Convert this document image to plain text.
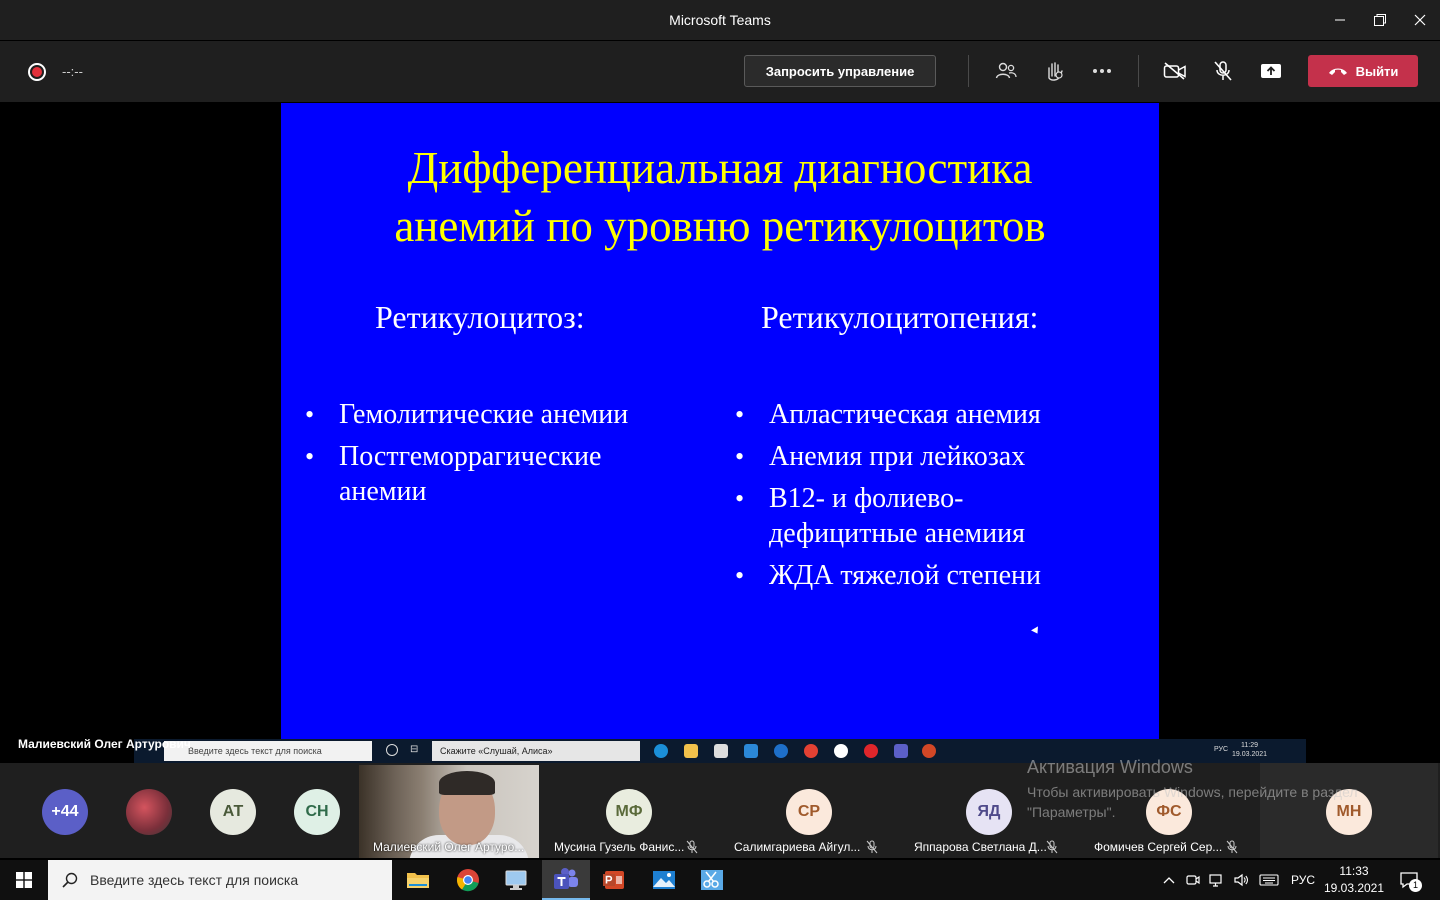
Microsoft Teams
--:--	Запросить управление	Выйти
Дифференциальная диагностика
анемий по уровню ретикулоцитов
Ретикулоцитоз:	Ретикулоцитопения:
• Гемолитические анемии
• Постгеморрагические анемии
• Апластическая анемия
• Анемия при лейкозах
• В12- и фолиево-дефицитные анемиия
• ЖДА тяжелой степени
Введите здесь текст для поиска	⊟	Скажите «Слушай, Алиса»	РУС
11:29
19.03.2021
Малиевский Олег Артурович
+44	АТ	СН
Малиевский Олег Артуро...
МФ
Мусина Гузель Фанис...
СР
Салимгариева Айгул...
ЯД
Яппарова Светлана Д...
ФС
Фомичев Сергей Сер...
МН
Активация Windows
Чтобы активировать Windows, перейдите в раздел "Параметры".
Введите здесь текст для поиска	РУС
11:33
19.03.2021	1
